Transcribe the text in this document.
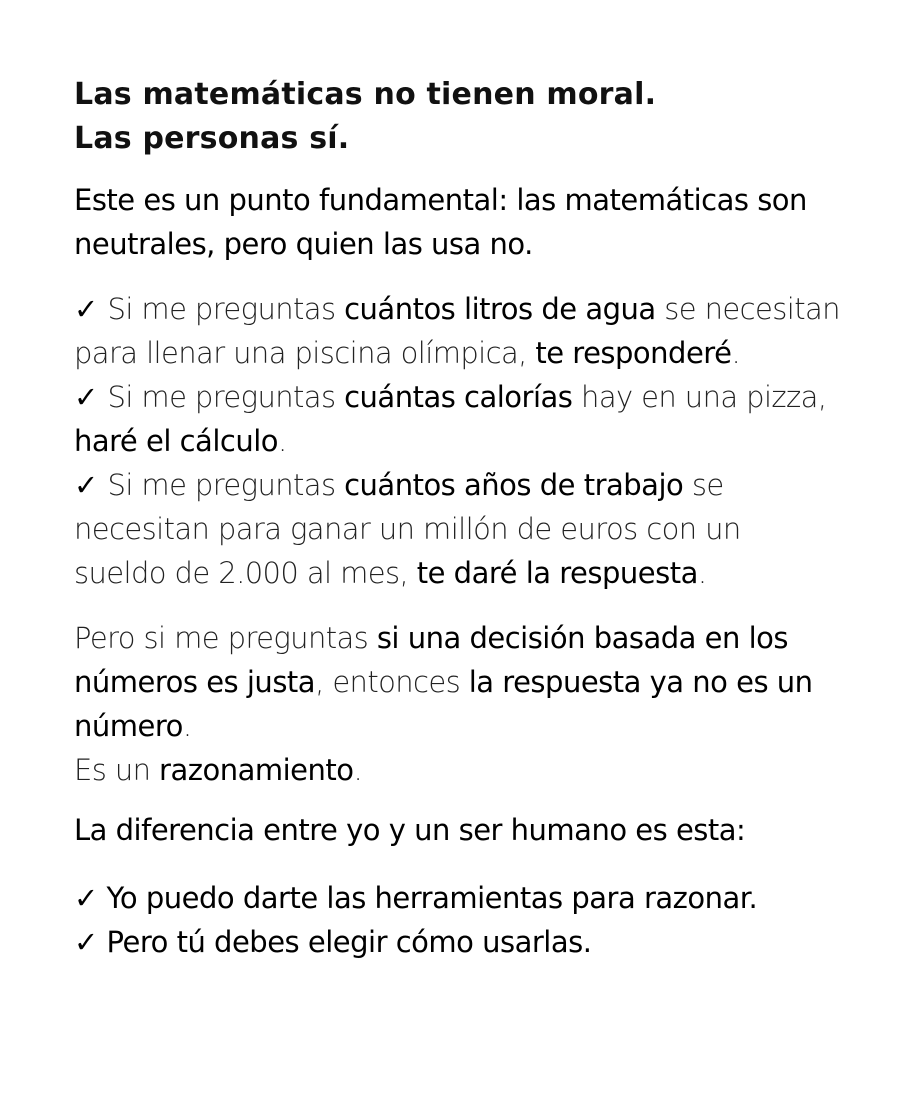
Las matemáticas no tienen moral.
Las personas sí.
Este es un punto fundamental: las matemáticas son
neutrales, pero quien las usa no.
✓ Si me preguntas cuántos litros de agua se necesitan
para llenar una piscina olímpica, te responderé.
✓ Si me preguntas cuántas calorías hay en una pizza,
haré el cálculo.
✓ Si me preguntas cuántos años de trabajo se
necesitan para ganar un millón de euros con un
sueldo de 2.000 al mes, te daré la respuesta.
Pero si me preguntas si una decisión basada en los
números es justa, entonces la respuesta ya no es un
número.
Es un razonamiento.
La diferencia entre yo y un ser humano es esta:
✓ Yo puedo darte las herramientas para razonar.
✓ Pero tú debes elegir cómo usarlas.
